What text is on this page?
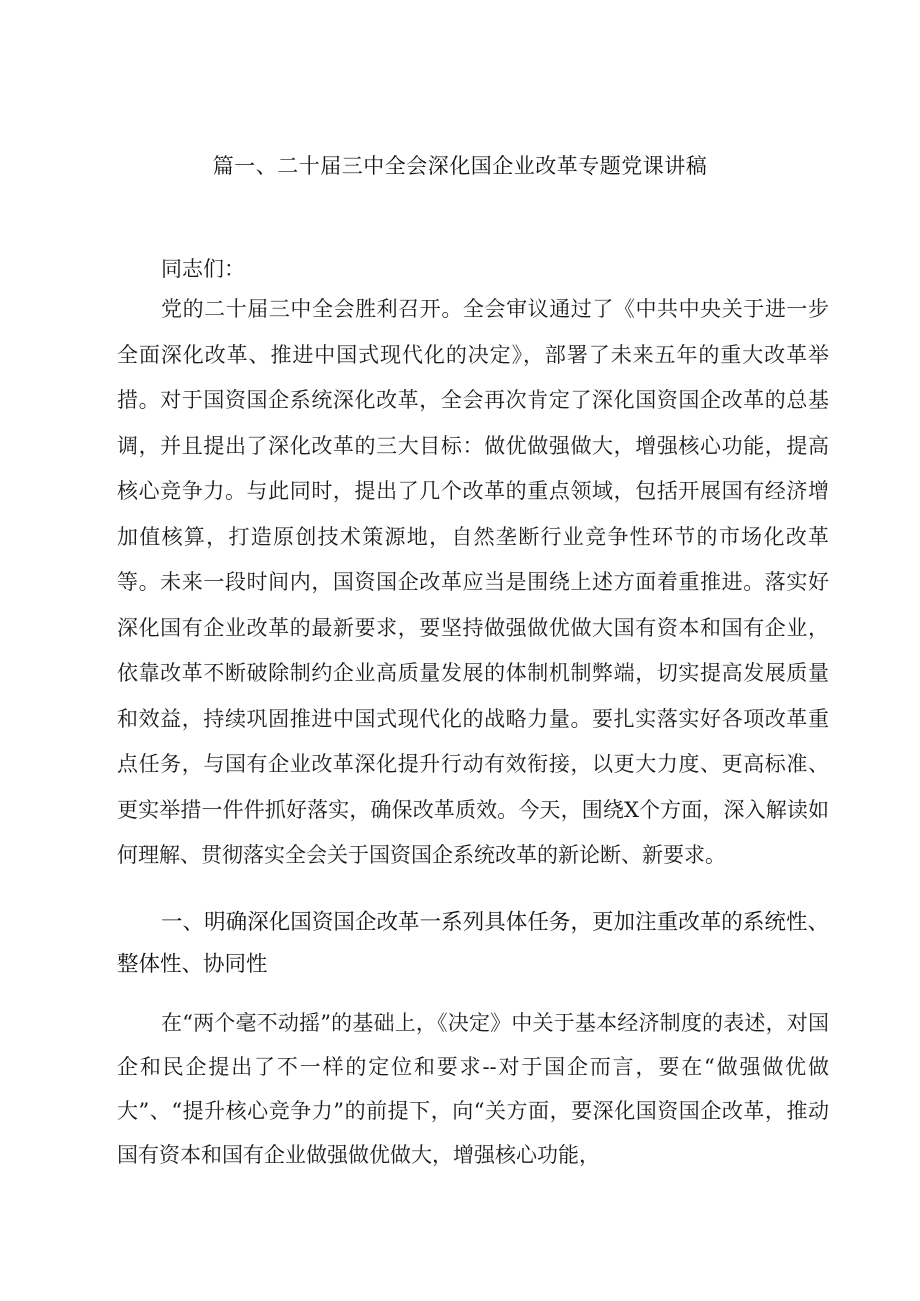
篇一、二十届三中全会深化国企业改革专题党课讲稿
同志们：

党的二十届三中全会胜利召开。全会审议通过了《中共中央关于进一步全面深化改革、推进中国式现代化的决定》，部署了未来五年的重大改革举措。对于国资国企系统深化改革，全会再次肯定了深化国资国企改革的总基调，并且提出了深化改革的三大目标：做优做强做大，增强核心功能，提高核心竞争力。与此同时，提出了几个改革的重点领域，包括开展国有经济增加值核算，打造原创技术策源地，自然垄断行业竞争性环节的市场化改革等。未来一段时间内，国资国企改革应当是围绕上述方面着重推进。落实好深化国有企业改革的最新要求，要坚持做强做优做大国有资本和国有企业，依靠改革不断破除制约企业高质量发展的体制机制弊端，切实提高发展质量和效益，持续巩固推进中国式现代化的战略力量。要扎实落实好各项改革重点任务，与国有企业改革深化提升行动有效衔接，以更大力度、更高标准、更实举措一件件抓好落实，确保改革质效。今天，围绕X个方面，深入解读如何理解、贯彻落实全会关于国资国企系统改革的新论断、新要求。

一、明确深化国资国企改革一系列具体任务，更加注重改革的系统性、整体性、协同性

在“两个毫不动摇”的基础上，《决定》中关于基本经济制度的表述，对国企和民企提出了不一样的定位和要求--对于国企而言，要在“做强做优做大”、“提升核心竞争力”的前提下，向“关方面，要深化国资国企改革，推动国有资本和国有企业做强做优做大，增强核心功能，
